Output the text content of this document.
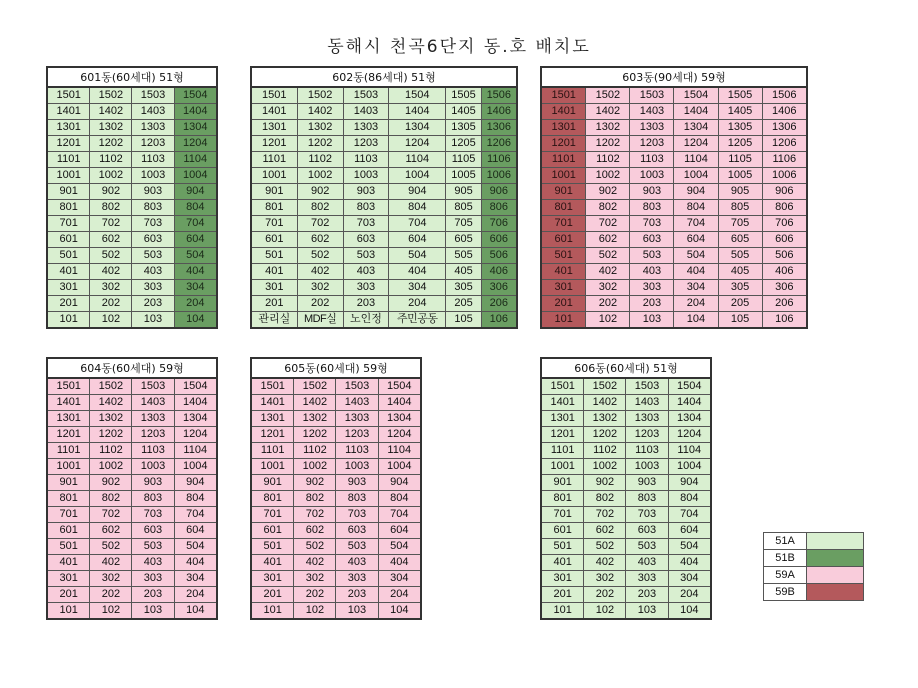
동해시 천곡6단지 동.호 배치도
601동(60세대) 51형			
1501	1502	1503	1504
1401	1402	1403	1404
1301	1302	1303	1304
1201	1202	1203	1204
1101	1102	1103	1104
1001	1002	1003	1004
901	902	903	904
801	802	803	804
701	702	703	704
601	602	603	604
501	502	503	504
401	402	403	404
301	302	303	304
201	202	203	204
101	102	103	104
602동(86세대) 51형					
1501	1502	1503	1504	1505	1506
1401	1402	1403	1404	1405	1406
1301	1302	1303	1304	1305	1306
1201	1202	1203	1204	1205	1206
1101	1102	1103	1104	1105	1106
1001	1002	1003	1004	1005	1006
901	902	903	904	905	906
801	802	803	804	805	806
701	702	703	704	705	706
601	602	603	604	605	606
501	502	503	504	505	506
401	402	403	404	405	406
301	302	303	304	305	306
201	202	203	204	205	206
관리실	MDF실	노인정	주민공동	105	106
603동(90세대) 59형					
1501	1502	1503	1504	1505	1506
1401	1402	1403	1404	1405	1406
1301	1302	1303	1304	1305	1306
1201	1202	1203	1204	1205	1206
1101	1102	1103	1104	1105	1106
1001	1002	1003	1004	1005	1006
901	902	903	904	905	906
801	802	803	804	805	806
701	702	703	704	705	706
601	602	603	604	605	606
501	502	503	504	505	506
401	402	403	404	405	406
301	302	303	304	305	306
201	202	203	204	205	206
101	102	103	104	105	106
604동(60세대) 59형			
1501	1502	1503	1504
1401	1402	1403	1404
1301	1302	1303	1304
1201	1202	1203	1204
1101	1102	1103	1104
1001	1002	1003	1004
901	902	903	904
801	802	803	804
701	702	703	704
601	602	603	604
501	502	503	504
401	402	403	404
301	302	303	304
201	202	203	204
101	102	103	104
605동(60세대) 59형			
1501	1502	1503	1504
1401	1402	1403	1404
1301	1302	1303	1304
1201	1202	1203	1204
1101	1102	1103	1104
1001	1002	1003	1004
901	902	903	904
801	802	803	804
701	702	703	704
601	602	603	604
501	502	503	504
401	402	403	404
301	302	303	304
201	202	203	204
101	102	103	104
606동(60세대) 51형			
1501	1502	1503	1504
1401	1402	1403	1404
1301	1302	1303	1304
1201	1202	1203	1204
1101	1102	1103	1104
1001	1002	1003	1004
901	902	903	904
801	802	803	804
701	702	703	704
601	602	603	604
501	502	503	504
401	402	403	404
301	302	303	304
201	202	203	204
101	102	103	104
51A	
51B	
59A	
59B	
